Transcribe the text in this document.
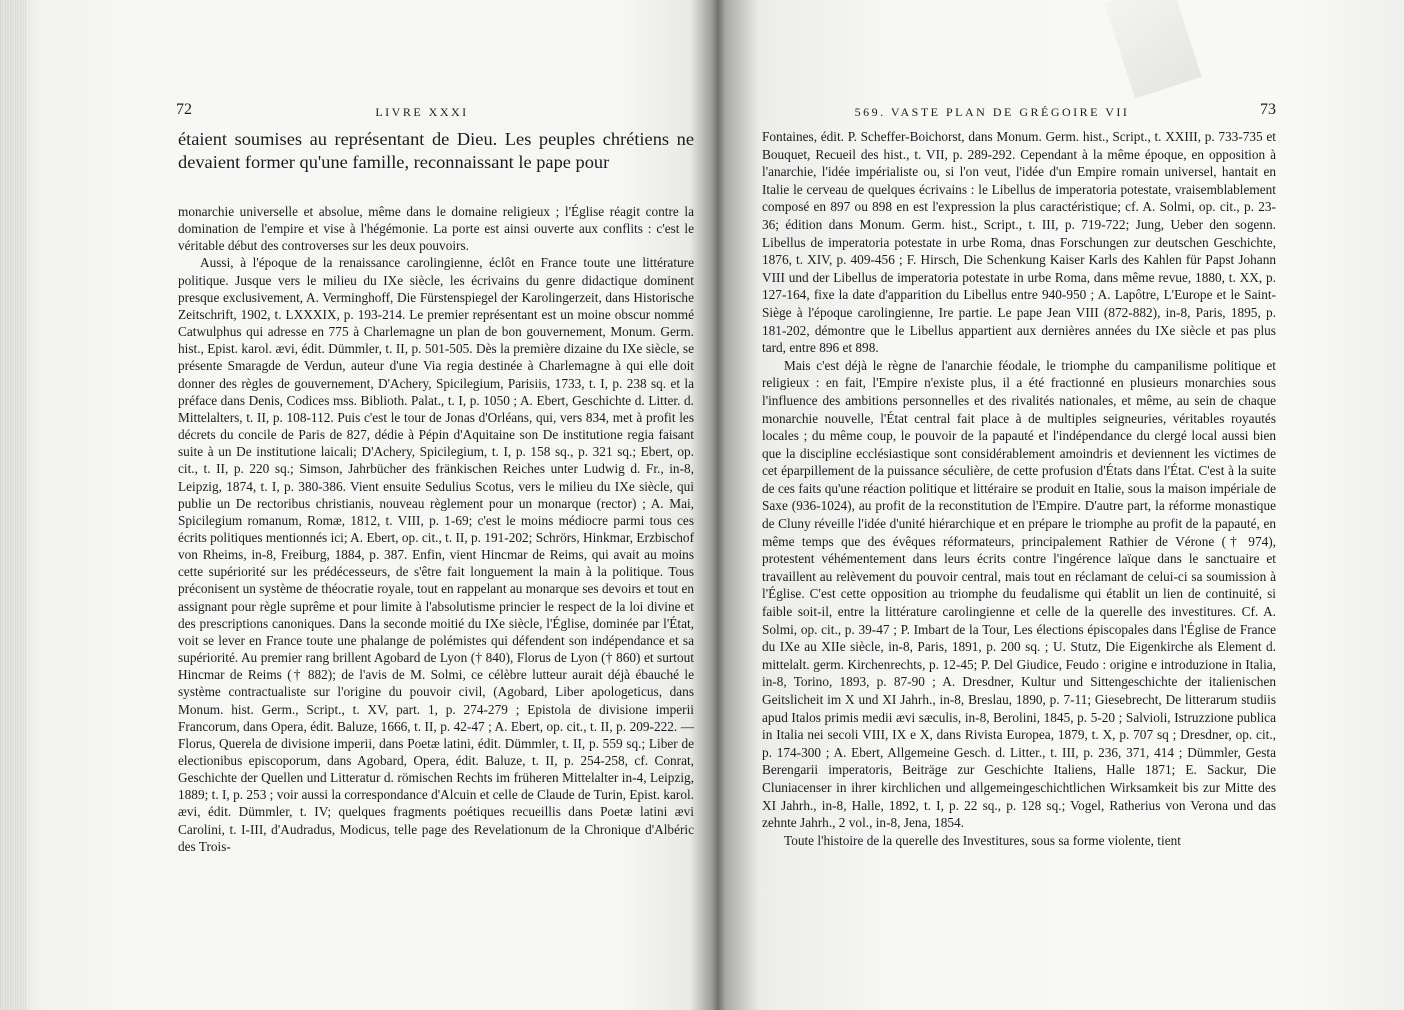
72	LIVRE XXXI

étaient soumises au représentant de Dieu. Les peuples chrétiens ne devaient former qu'une famille, reconnaissant le pape pour

monarchie universelle et absolue, même dans le domaine religieux ; l'Église réagit contre la domination de l'empire et vise à l'hégémonie. La porte est ainsi ouverte aux conflits : c'est le véritable début des controverses sur les deux pouvoirs.

Aussi, à l'époque de la renaissance carolingienne, éclôt en France toute une littérature politique. Jusque vers le milieu du IXe siècle, les écrivains du genre didactique dominent presque exclusivement, A. Verminghoff, Die Fürstenspiegel der Karolingerzeit, dans Historische Zeitschrift, 1902, t. LXXXIX, p. 193-214. Le premier représentant est un moine obscur nommé Catwulphus qui adresse en 775 à Charlemagne un plan de bon gouvernement, Monum. Germ. hist., Epist. karol. ævi, édit. Dümmler, t. II, p. 501-505. Dès la première dizaine du IXe siècle, se présente Smaragde de Verdun, auteur d'une Via regia destinée à Charlemagne à qui elle doit donner des règles de gouvernement, D'Achery, Spicilegium, Parisiis, 1733, t. I, p. 238 sq. et la préface dans Denis, Codices mss. Biblioth. Palat., t. I, p. 1050 ; A. Ebert, Geschichte d. Litter. d. Mittelalters, t. II, p. 108-112. Puis c'est le tour de Jonas d'Orléans, qui, vers 834, met à profit les décrets du concile de Paris de 827, dédie à Pépin d'Aquitaine son De institutione regia faisant suite à un De institutione laicali; D'Achery, Spicilegium, t. I, p. 158 sq., p. 321 sq.; Ebert, op. cit., t. II, p. 220 sq.; Simson, Jahrbücher des fränkischen Reiches unter Ludwig d. Fr., in-8, Leipzig, 1874, t. I, p. 380-386. Vient ensuite Sedulius Scotus, vers le milieu du IXe siècle, qui publie un De rectoribus christianis, nouveau règlement pour un monarque (rector) ; A. Mai, Spicilegium romanum, Romæ, 1812, t. VIII, p. 1-69; c'est le moins médiocre parmi tous ces écrits politiques mentionnés ici; A. Ebert, op. cit., t. II, p. 191-202; Schrörs, Hinkmar, Erzbischof von Rheims, in-8, Freiburg, 1884, p. 387. Enfin, vient Hincmar de Reims, qui avait au moins cette supériorité sur les prédécesseurs, de s'être fait longuement la main à la politique. Tous préconisent un système de théocratie royale, tout en rappelant au monarque ses devoirs et tout en assignant pour règle suprême et pour limite à l'absolutisme princier le respect de la loi divine et des prescriptions canoniques. Dans la seconde moitié du IXe siècle, l'Église, dominée par l'État, voit se lever en France toute une phalange de polémistes qui défendent son indépendance et sa supériorité. Au premier rang brillent Agobard de Lyon († 840), Florus de Lyon († 860) et surtout Hincmar de Reims († 882); de l'avis de M. Solmi, ce célèbre lutteur aurait déjà ébauché le système contractualiste sur l'origine du pouvoir civil, (Agobard, Liber apologeticus, dans Monum. hist. Germ., Script., t. XV, part. 1, p. 274-279 ; Epistola de divisione imperii Francorum, dans Opera, édit. Baluze, 1666, t. II, p. 42-47 ; A. Ebert, op. cit., t. II, p. 209-222. — Florus, Querela de divisione imperii, dans Poetæ latini, édit. Dümmler, t. II, p. 559 sq.; Liber de electionibus episcoporum, dans Agobard, Opera, édit. Baluze, t. II, p. 254-258, cf. Conrat, Geschichte der Quellen und Litteratur d. römischen Rechts im früheren Mittelalter in-4, Leipzig, 1889; t. I, p. 253 ; voir aussi la correspondance d'Alcuin et celle de Claude de Turin, Epist. karol. ævi, édit. Dümmler, t. IV; quelques fragments poétiques recueillis dans Poetæ latini ævi Carolini, t. I-III, d'Audradus, Modicus, telle page des Revelationum de la Chronique d'Albéric des Trois-

569. VASTE PLAN DE GRÉGOIRE VII	73

Fontaines, édit. P. Scheffer-Boichorst, dans Monum. Germ. hist., Script., t. XXIII, p. 733-735 et Bouquet, Recueil des hist., t. VII, p. 289-292. Cependant à la même époque, en opposition à l'anarchie, l'idée impérialiste ou, si l'on veut, l'idée d'un Empire romain universel, hantait en Italie le cerveau de quelques écrivains : le Libellus de imperatoria potestate, vraisemblablement composé en 897 ou 898 en est l'expression la plus caractéristique; cf. A. Solmi, op. cit., p. 23-36; édition dans Monum. Germ. hist., Script., t. III, p. 719-722; Jung, Ueber den sogenn. Libellus de imperatoria potestate in urbe Roma, dnas Forschungen zur deutschen Geschichte, 1876, t. XIV, p. 409-456 ; F. Hirsch, Die Schenkung Kaiser Karls des Kahlen für Papst Johann VIII und der Libellus de imperatoria potestate in urbe Roma, dans même revue, 1880, t. XX, p. 127-164, fixe la date d'apparition du Libellus entre 940-950 ; A. Lapôtre, L'Europe et le Saint-Siège à l'époque carolingienne, Ire partie. Le pape Jean VIII (872-882), in-8, Paris, 1895, p. 181-202, démontre que le Libellus appartient aux dernières années du IXe siècle et pas plus tard, entre 896 et 898.

Mais c'est déjà le règne de l'anarchie féodale, le triomphe du campanilisme politique et religieux : en fait, l'Empire n'existe plus, il a été fractionné en plusieurs monarchies sous l'influence des ambitions personnelles et des rivalités nationales, et même, au sein de chaque monarchie nouvelle, l'État central fait place à de multiples seigneuries, véritables royautés locales ; du même coup, le pouvoir de la papauté et l'indépendance du clergé local aussi bien que la discipline ecclésiastique sont considérablement amoindris et deviennent les victimes de cet éparpillement de la puissance séculière, de cette profusion d'États dans l'État. C'est à la suite de ces faits qu'une réaction politique et littéraire se produit en Italie, sous la maison impériale de Saxe (936-1024), au profit de la reconstitution de l'Empire. D'autre part, la réforme monastique de Cluny réveille l'idée d'unité hiérarchique et en prépare le triomphe au profit de la papauté, en même temps que des évêques réformateurs, principalement Rathier de Vérone († 974), protestent véhémentement dans leurs écrits contre l'ingérence laïque dans le sanctuaire et travaillent au relèvement du pouvoir central, mais tout en réclamant de celui-ci sa soumission à l'Église. C'est cette opposition au triomphe du feudalisme qui établit un lien de continuité, si faible soit-il, entre la littérature carolingienne et celle de la querelle des investitures. Cf. A. Solmi, op. cit., p. 39-47 ; P. Imbart de la Tour, Les élections épiscopales dans l'Église de France du IXe au XIIe siècle, in-8, Paris, 1891, p. 200 sq. ; U. Stutz, Die Eigenkirche als Element d. mittelalt. germ. Kirchenrechts, p. 12-45; P. Del Giudice, Feudo : origine e introduzione in Italia, in-8, Torino, 1893, p. 87-90 ; A. Dresdner, Kultur und Sittengeschichte der italienischen Geitslicheit im X und XI Jahrh., in-8, Breslau, 1890, p. 7-11; Giesebrecht, De litterarum studiis apud Italos primis medii ævi sæculis, in-8, Berolini, 1845, p. 5-20 ; Salvioli, Istruzzione publica in Italia nei secoli VIII, IX e X, dans Rivista Europea, 1879, t. X, p. 707 sq ; Dresdner, op. cit., p. 174-300 ; A. Ebert, Allgemeine Gesch. d. Litter., t. III, p. 236, 371, 414 ; Dümmler, Gesta Berengarii imperatoris, Beiträge zur Geschichte Italiens, Halle 1871; E. Sackur, Die Cluniacenser in ihrer kirchlichen und allgemeingeschichtlichen Wirksamkeit bis zur Mitte des XI Jahrh., in-8, Halle, 1892, t. I, p. 22 sq., p. 128 sq.; Vogel, Ratherius von Verona und das zehnte Jahrh., 2 vol., in-8, Jena, 1854.

Toute l'histoire de la querelle des Investitures, sous sa forme violente, tient
